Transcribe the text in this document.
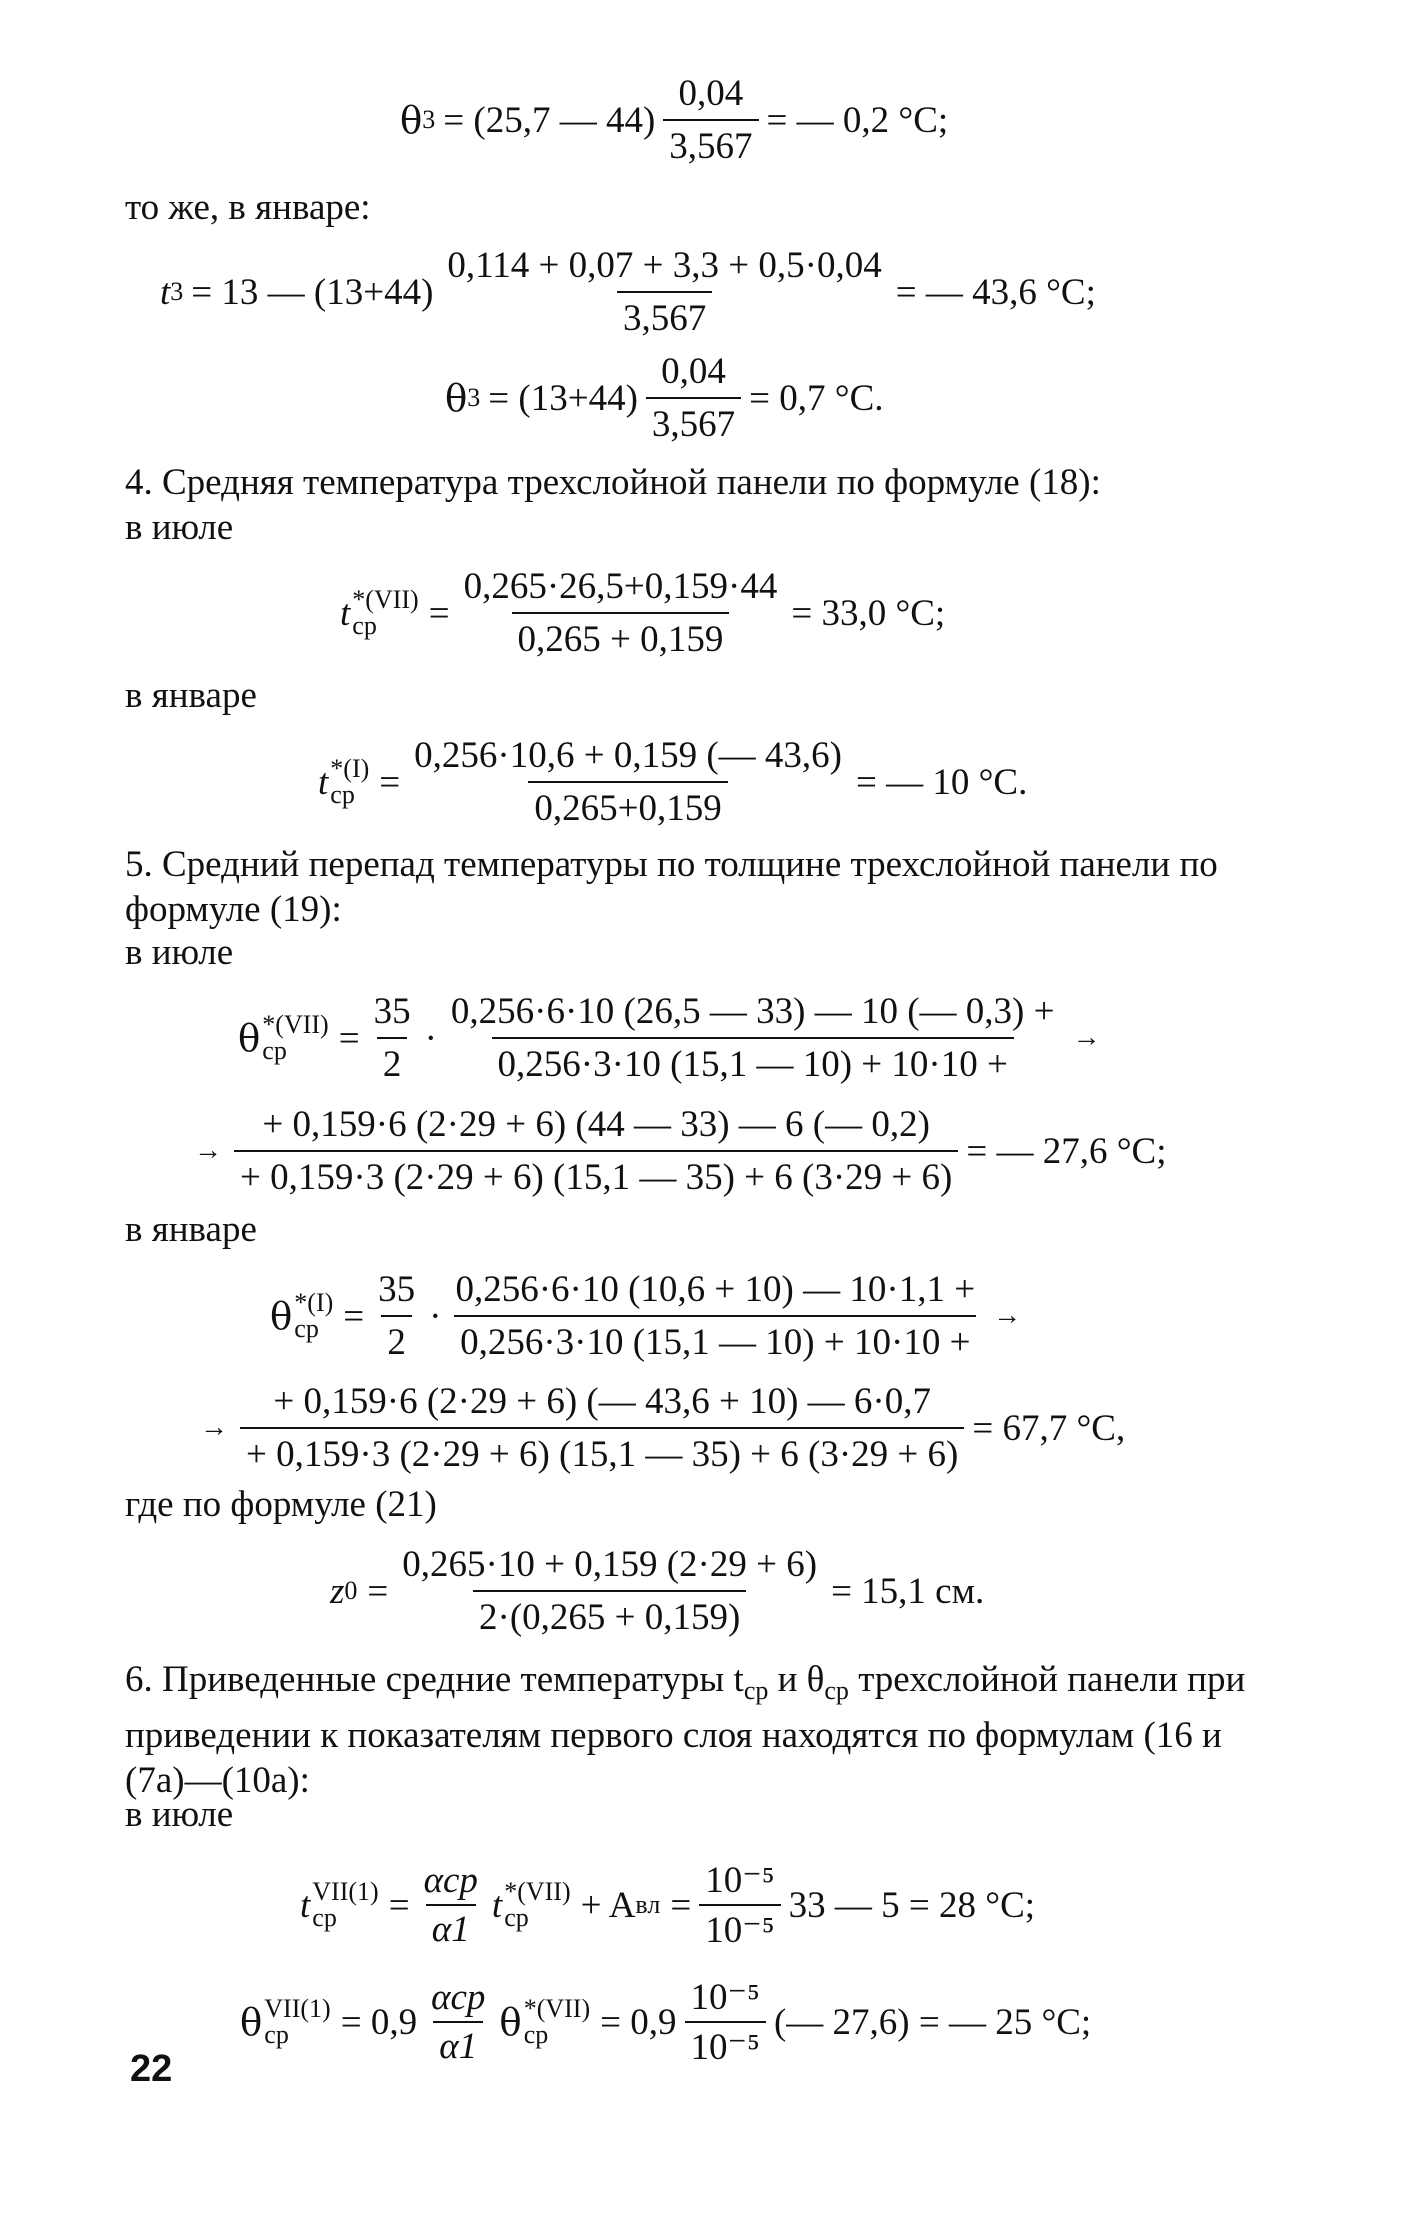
θ 3 = (25,7 — $44) \frac{0,04}{3,567}$ = — 0,2 °C;
то же, в январе:
t 3 = 13 — $(13+44) \frac{0,114 + 0,07 + 3,3 + 0,5\cdot 0,04}{3,567}$ = — 43,6 °C;
θ $3 = (13+44) \frac{0,04}{3,567} = 0,7$ °C.
4. Средняя температура трехслойной панели по формуле (18):
в июле
t *(VII)
ср	= $\frac{0,265\cdot 26,5+0,159\cdot 44}{0,265 + 0,159} = 33,0$ °C;
в январе
t *(I)
ср = $\frac{0,256\cdot 10,6 + 0,159 (— 43,6)}{0,265+0,159}$ = — 10 °C.
5. Средний перепад температуры по толщине трехслойной панели по формуле (19):
в июле
θ *(VII)
ср	= $\frac{35}{2}$ ·
0,256·6·10 (26,5 — 33) — 10 (— 0,3) +
0,256·3·10 (15,1 — 10) + 10·10 +
→
→ $\frac{+ 0,159\cdot 6 (2\cdot 29 + 6) (44 — 33) — 6 (— 0,2)}{+ 0,159\cdot 3 (2\cdot 29 + 6) (15,1 — 35) + 6 (3\cdot 29 + 6)}$ = — 27,6 °C;
в январе
θ *(I)
ср = $\frac{35}{2}$ ·
0,256·6·10 (10,6 + 10) — 10·1,1 +
0,256·3·10 (15,1 — 10) + 10·10 +
→
→ $\frac{+ 0,159\cdot 6 (2\cdot 29 + 6) (— 43,6 + 10) — 6\cdot 0,7}{+ 0,159\cdot 3 (2\cdot 29 + 6) (15,1 — 35) + 6 (3\cdot 29 + 6)} = 67,7$ °C,
где по формуле (21)
z $0 = \frac{0,265\cdot 10 + 0,159 (2\cdot 29 + 6)}{2\cdot(0,265 + 0,159)} = 15,1$ см.
6. Приведенные средние температуры $t_{ср}$ и $\theta_{ср}$ трехслойной панели при приведении к показателям первого слоя находятся по формулам (16 и (7а)—(10а):
в июле
t VII(1)
ср	=
αср
α1
t *(VII)
ср	+ A вл = $\frac{\text{10⁻⁵}}{\text{10⁻⁵}} 33$ — 5 = 28 °C;
θ VII(1)
ср	= 0,9
αср
α1
θ *(VII)
ср	= $0,9 \frac{\text{10⁻⁵}}{\text{10⁻⁵}}$ (— 27,6) = — 25 °C;
22
